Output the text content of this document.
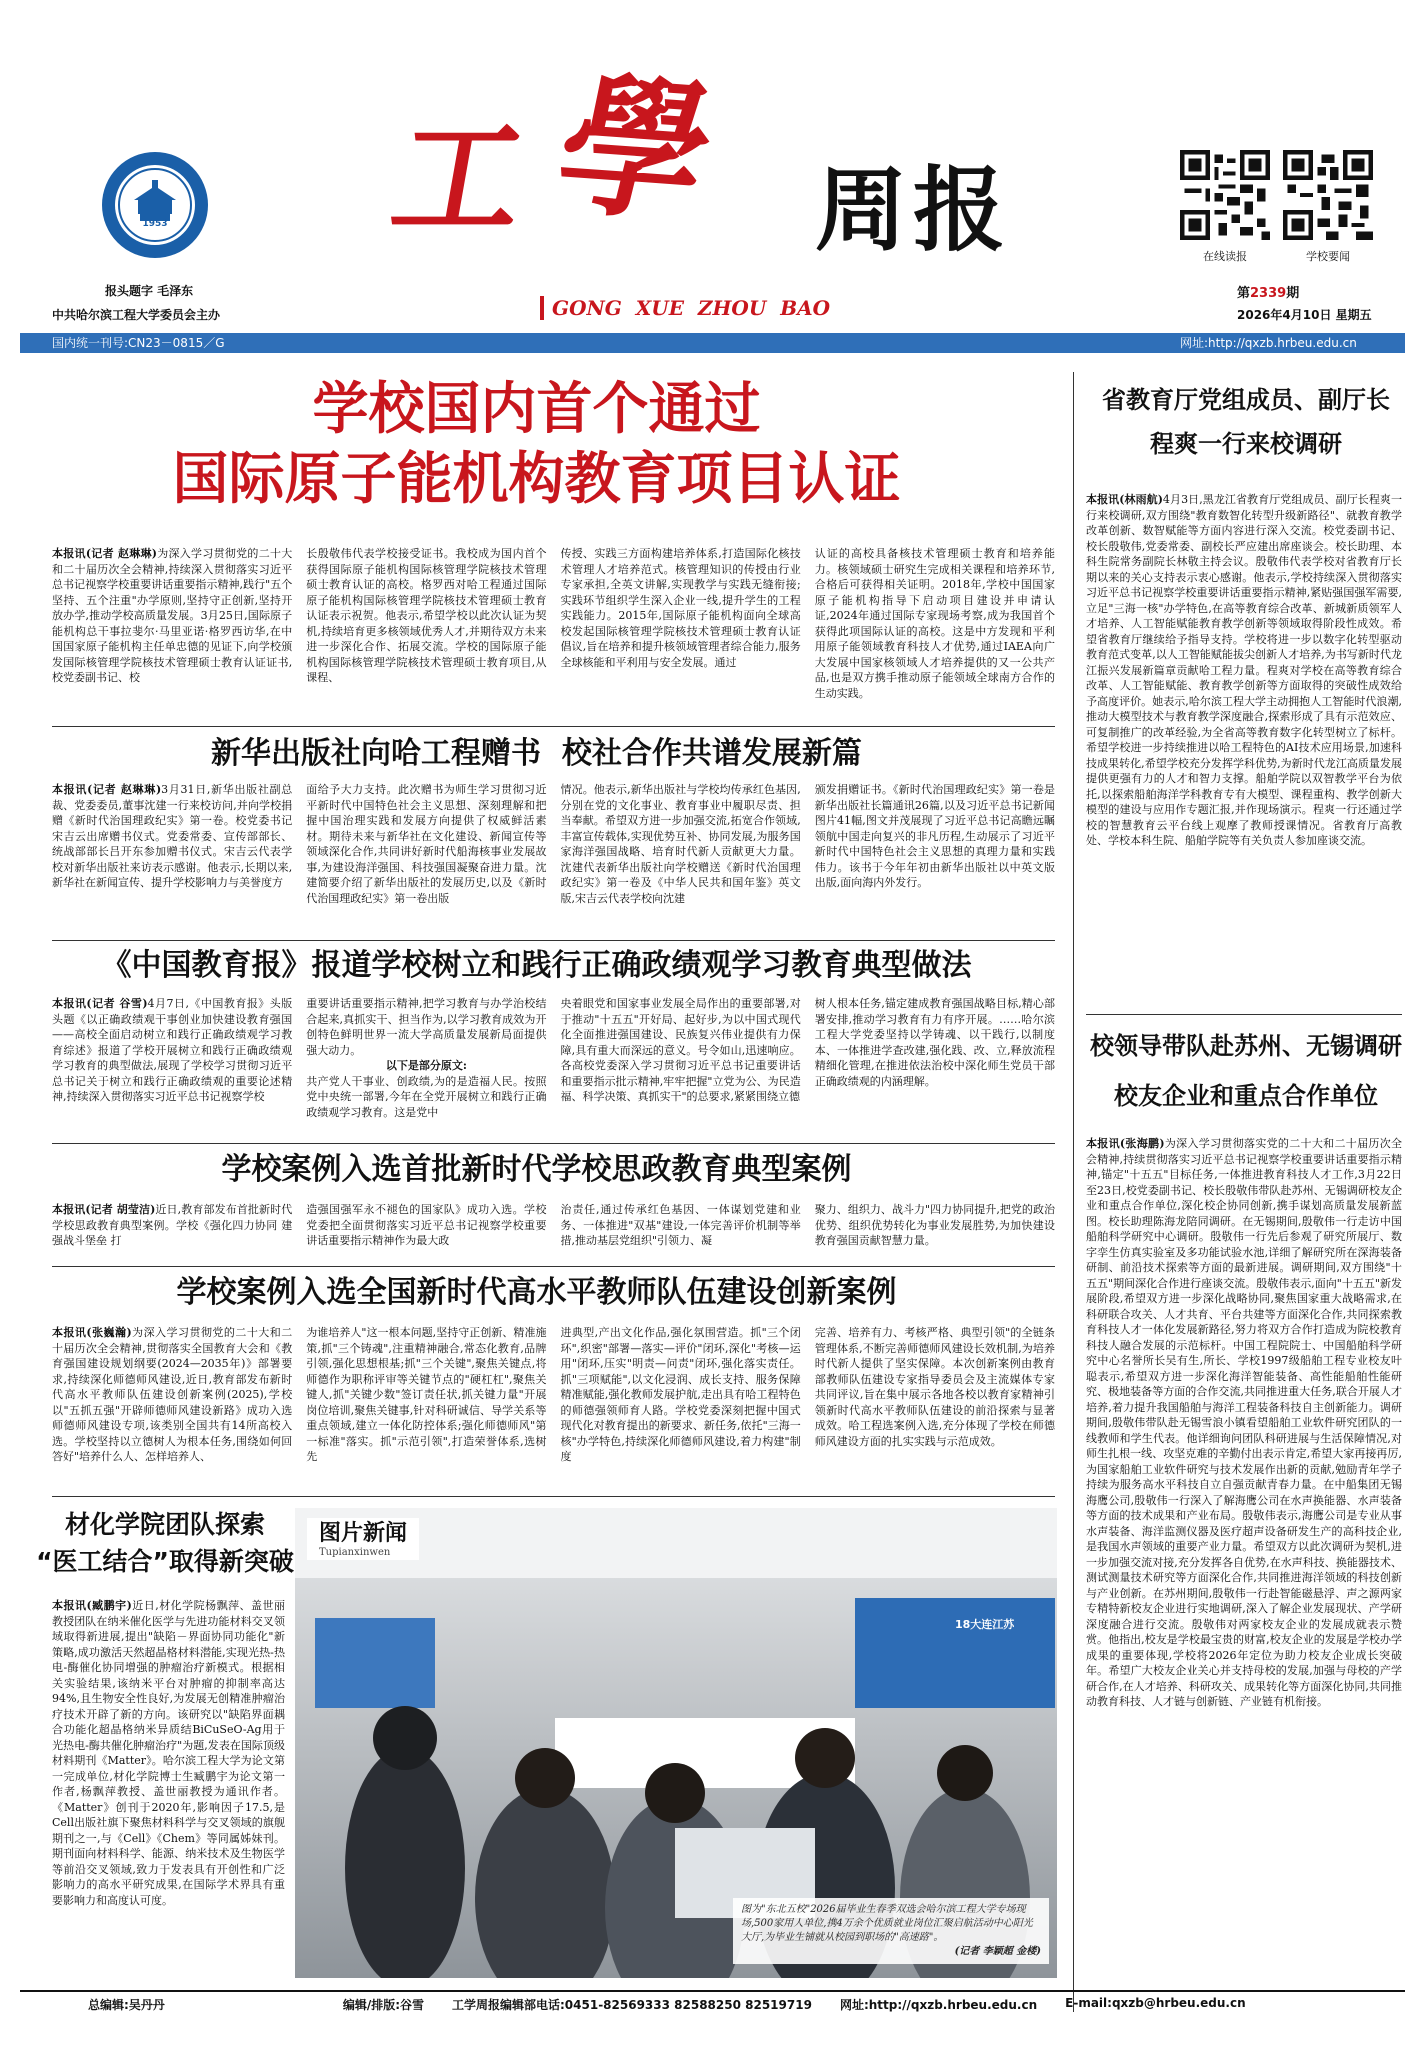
1953	工 學 周报	在线读报	学校要闻
报头题字 毛泽东
中共哈尔滨工程大学委员会主办	GONG  XUE  ZHOU  BAO
第2339期
2026年4月10日 星期五
国内统一刊号:CN23－0815／G	网址:http://qxzb.hrbeu.edu.cn
学校国内首个通过
国际原子能机构教育项目认证
本报讯(记者 赵琳琳)为深入学习贯彻党的二十大和二十届历次全会精神,持续深入贯彻落实习近平总书记视察学校重要讲话重要指示精神,践行"五个坚持、五个注重"办学原则,坚持守正创新,坚持开放办学,推动学校高质量发展。3月25日,国际原子能机构总干事拉斐尔·马里亚诺·格罗西访华,在中国国家原子能机构主任单忠德的见证下,向学校颁发国际核管理学院核技术管理硕士教育认证证书,校党委副书记、校
长殷敬伟代表学校接受证书。我校成为国内首个获得国际原子能机构国际核管理学院核技术管理硕士教育认证的高校。格罗西对哈工程通过国际原子能机构国际核管理学院核技术管理硕士教育认证表示祝贺。他表示,希望学校以此次认证为契机,持续培育更多核领域优秀人才,并期待双方未来进一步深化合作、拓展交流。学校的国际原子能机构国际核管理学院核技术管理硕士教育项目,从课程、
传授、实践三方面构建培养体系,打造国际化核技术管理人才培养范式。核管理知识的传授由行业专家承担,全英文讲解,实现教学与实践无缝衔接;实践环节组织学生深入企业一线,提升学生的工程实践能力。2015年,国际原子能机构面向全球高校发起国际核管理学院核技术管理硕士教育认证倡议,旨在培养和提升核领域管理者综合能力,服务全球核能和平利用与安全发展。通过
认证的高校具备核技术管理硕士教育和培养能力。核领域硕士研究生完成相关课程和培养环节,合格后可获得相关证明。2018年,学校中国国家原子能机构指导下启动项目建设并申请认证,2024年通过国际专家现场考察,成为我国首个获得此项国际认证的高校。这是中方发现和平利用原子能领域教育科技人才优势,通过IAEA向广大发展中国家核领域人才培养提供的又一公共产品,也是双方携手推动原子能领域全球南方合作的生动实践。
新华出版社向哈工程赠书  校社合作共谱发展新篇
本报讯(记者 赵琳琳)3月31日,新华出版社副总裁、党委委员,董事沈建一行来校访问,并向学校捐赠《新时代治国理政纪实》第一卷。校党委书记宋吉云出席赠书仪式。党委常委、宣传部部长、统战部部长吕开东参加赠书仪式。宋吉云代表学校对新华出版社来访表示感谢。他表示,长期以来,新华社在新闻宣传、提升学校影响力与美誉度方
面给予大力支持。此次赠书为师生学习贯彻习近平新时代中国特色社会主义思想、深刻理解和把握中国治理实践和发展方向提供了权威鲜活素材。期待未来与新华社在文化建设、新闻宣传等领域深化合作,共同讲好新时代船海核事业发展故事,为建设海洋强国、科技强国凝聚奋进力量。沈建简要介绍了新华出版社的发展历史,以及《新时代治国理政纪实》第一卷出版
情况。他表示,新华出版社与学校均传承红色基因,分别在党的文化事业、教育事业中履职尽责、担当奉献。希望双方进一步加强交流,拓宽合作领域,丰富宣传载体,实现优势互补、协同发展,为服务国家海洋强国战略、培育时代新人贡献更大力量。沈建代表新华出版社向学校赠送《新时代治国理政纪实》第一卷及《中华人民共和国年鉴》英文版,宋吉云代表学校向沈建
颁发捐赠证书。《新时代治国理政纪实》第一卷是新华出版社长篇通讯26篇,以及习近平总书记新闻图片41幅,图文并茂展现了习近平总书记高瞻远瞩领航中国走向复兴的非凡历程,生动展示了习近平新时代中国特色社会主义思想的真理力量和实践伟力。该书于今年年初由新华出版社以中英文版出版,面向海内外发行。
《中国教育报》报道学校树立和践行正确政绩观学习教育典型做法
本报讯(记者 谷雪)4月7日,《中国教育报》头版头题《以正确政绩观干事创业加快建设教育强国——高校全面启动树立和践行正确政绩观学习教育综述》报道了学校开展树立和践行正确政绩观学习教育的典型做法,展现了学校学习贯彻习近平总书记关于树立和践行正确政绩观的重要论述精神,持续深入贯彻落实习近平总书记视察学校
重要讲话重要指示精神,把学习教育与办学治校结合起来,真抓实干、担当作为,以学习教育成效为开创特色鲜明世界一流大学高质量发展新局面提供强大动力。
以下是部分原文:
共产党人干事业、创政绩,为的是造福人民。按照党中央统一部署,今年在全党开展树立和践行正确政绩观学习教育。这是党中
央着眼党和国家事业发展全局作出的重要部署,对于推动"十五五"开好局、起好步,为以中国式现代化全面推进强国建设、民族复兴伟业提供有力保障,具有重大而深远的意义。号令如山,迅速响应。各高校党委深入学习贯彻习近平总书记重要讲话和重要指示批示精神,牢牢把握"立党为公、为民造福、科学决策、真抓实干"的总要求,紧紧围绕立德
树人根本任务,锚定建成教育强国战略目标,精心部署安排,推动学习教育有力有序开展。……哈尔滨工程大学党委坚持以学铸魂、以干践行,以制度本、一体推进学查改建,强化践、改、立,释放流程精细化管理,在推进依法治校中深化师生党员干部正确政绩观的内涵理解。
学校案例入选首批新时代学校思政教育典型案例
本报讯(记者 胡莹洁)近日,教育部发布首批新时代学校思政教育典型案例。学校《强化四力协同 建强战斗堡垒 打
造强国强军永不褪色的国家队》成功入选。学校党委把全面贯彻落实习近平总书记视察学校重要讲话重要指示精神作为最大政
治责任,通过传承红色基因、一体谋划党建和业务、一体推进"双基"建设,一体完善评价机制等举措,推动基层党组织"引领力、凝
聚力、组织力、战斗力"四力协同提升,把党的政治优势、组织优势转化为事业发展胜势,为加快建设教育强国贡献智慧力量。
学校案例入选全国新时代高水平教师队伍建设创新案例
本报讯(张巍瀚)为深入学习贯彻党的二十大和二十届历次全会精神,贯彻落实全国教育大会和《教育强国建设规划纲要(2024—2035年)》部署要求,持续深化师德师风建设,近日,教育部发布新时代高水平教师队伍建设创新案例(2025),学校以"五抓五强"开辟师德师风建设新路》成功入选师德师风建设专项,该类别全国共有14所高校入选。学校坚持以立德树人为根本任务,围绕如何回答好"培养什么人、怎样培养人、
为谁培养人"这一根本问题,坚持守正创新、精准施策,抓"三个铸魂",注重精神融合,常态化教育,品牌引领,强化思想根基;抓"三个关键",聚焦关键点,将师德作为职称评审等关键节点的"硬杠杠",聚焦关键人,抓"关键少数"签订责任状,抓关键力量"开展岗位培训,聚焦关键事,针对科研诚信、导学关系等重点领域,建立一体化防控体系;强化师德师风"第一标准"落实。抓"示范引领",打造荣誉体系,选树先
进典型,产出文化作品,强化氛围营造。抓"三个闭环",织密"部署—落实—评价"闭环,深化"考核—运用"闭环,压实"明责—问责"闭环,强化落实责任。抓"三项赋能",以文化浸润、成长支持、服务保障精准赋能,强化教师发展护航,走出具有哈工程特色的师德强领师育人路。学校党委深刻把握中国式现代化对教育提出的新要求、新任务,依托"三海一核"办学特色,持续深化师德师风建设,着力构建"制度
完善、培养有力、考核严格、典型引领"的全链条管理体系,不断完善师德师风建设长效机制,为培养时代新人提供了坚实保障。本次创新案例由教育部教师队伍建设专家指导委员会及主流媒体专家共同评议,旨在集中展示各地各校以教育家精神引领新时代高水平教师队伍建设的前沿探索与显著成效。哈工程选案例入选,充分体现了学校在师德师风建设方面的扎实实践与示范成效。
材化学院团队探索
“医工结合”取得新突破
本报讯(臧鹏宇)近日,材化学院杨飘萍、盖世丽教授团队在纳米催化医学与先进功能材料交叉领域取得新进展,提出"缺陷－界面协同功能化"新策略,成功激活天然超晶格材料潜能,实现光热-热电-酶催化协同增强的肿瘤治疗新模式。根据相关实验结果,该纳米平台对肿瘤的抑制率高达94%,且生物安全性良好,为发展无创精准肿瘤治疗技术开辟了新的方向。该研究以"缺陷界面耦合功能化超晶格纳米异质结BiCuSeO-Ag用于光热电-酶共催化肿瘤治疗"为题,发表在国际顶级材料期刊《Matter》。哈尔滨工程大学为论文第一完成单位,材化学院博士生臧鹏宇为论文第一作者,杨飘萍教授、盖世丽教授为通讯作者。《Matter》创刊于2020年,影响因子17.5,是Cell出版社旗下聚焦材料科学与交叉领域的旗舰期刊之一,与《Cell》《Chem》等同属姊妹刊。期刊面向材料科学、能源、纳米技术及生物医学等前沿交叉领域,致力于发表具有开创性和广泛影响力的高水平研究成果,在国际学术界具有重要影响力和高度认可度。
图片新闻
Tupianxinwen
18大连江苏
图为"东北五校"2026届毕业生春季双选会哈尔滨工程大学专场现场,500家用人单位,携4万余个优质就业岗位汇聚启航活动中心阳光大厅,为毕业生铺就从校园到职场的"高速路"。
(记者 李颖超 金楼)
省教育厅党组成员、副厅长
程爽一行来校调研
本报讯(林雨航)4月3日,黑龙江省教育厅党组成员、副厅长程爽一行来校调研,双方围绕"教育数智化转型升级新路径"、就教育教学改革创新、数智赋能等方面内容进行深入交流。校党委副书记、校长殷敬伟,党委常委、副校长严应建出席座谈会。校长助理、本科生院常务副院长林敬主持会议。殷敬伟代表学校对省教育厅长期以来的关心支持表示衷心感谢。他表示,学校持续深入贯彻落实习近平总书记视察学校重要讲话重要指示精神,紧贴强国强军需要,立足"三海一核"办学特色,在高等教育综合改革、新城新质领军人才培养、人工智能赋能教育教学创新等领域取得阶段性成效。希望省教育厅继续给予指导支持。学校将进一步以数字化转型驱动教育范式变革,以人工智能赋能拔尖创新人才培养,为书写新时代龙江振兴发展新篇章贡献哈工程力量。程爽对学校在高等教育综合改革、人工智能赋能、教育教学创新等方面取得的突破性成效给予高度评价。她表示,哈尔滨工程大学主动拥抱人工智能时代浪潮,推动大模型技术与教育教学深度融合,探索形成了具有示范效应、可复制推广的改革经验,为全省高等教育数字化转型树立了标杆。希望学校进一步持续推进以哈工程特色的AI技术应用场景,加速科技成果转化,希望学校充分发挥学科优势,为新时代龙江高质量发展提供更强有力的人才和智力支撑。船舶学院以双智教学平台为依托,以探索船舶海洋学科教育专有大模型、课程重构、教学创新大模型的建设与应用作专题汇报,并作现场演示。程爽一行还通过学校的智慧教育云平台线上观摩了教师授课情况。省教育厅高教处、学校本科生院、船舶学院等有关负责人参加座谈交流。
校领导带队赴苏州、无锡调研
校友企业和重点合作单位
本报讯(张海鹏)为深入学习贯彻落实党的二十大和二十届历次全会精神,持续贯彻落实习近平总书记视察学校重要讲话重要指示精神,锚定"十五五"目标任务,一体推进教育科技人才工作,3月22日至23日,校党委副书记、校长殷敬伟带队赴苏州、无锡调研校友企业和重点合作单位,深化校企协同创新,携手谋划高质量发展新蓝图。校长助理陈海龙陪同调研。在无锡期间,殷敬伟一行走访中国船舶科学研究中心调研。殷敬伟一行先后参观了研究所展厅、数字孪生仿真实验室及多功能试验水池,详细了解研究所在深海装备研制、前沿技术探索等方面的最新进展。调研期间,双方围绕"十五五"期间深化合作进行座谈交流。殷敬伟表示,面向"十五五"新发展阶段,希望双方进一步深化战略协同,聚焦国家重大战略需求,在科研联合攻关、人才共育、平台共建等方面深化合作,共同探索教育科技人才一体化发展新路径,努力将双方合作打造成为院校教育科技人融合发展的示范标杆。中国工程院院士、中国船舶科学研究中心名誉所长吴有生,所长、学校1997级船舶工程专业校友叶聪表示,希望双方进一步深化海洋智能装备、高性能船舶性能研究、极地装备等方面的合作交流,共同推进重大任务,联合开展人才培养,着力提升我国船舶与海洋工程装备科技自主创新能力。调研期间,殷敬伟带队赴无锡雪浪小镇看望船舶工业软件研究团队的一线教师和学生代表。他详细询问团队科研进展与生活保障情况,对师生扎根一线、攻坚克难的辛勤付出表示肯定,希望大家再接再厉,为国家船舶工业软件研究与技术发展作出新的贡献,勉励青年学子持续为服务高水平科技自立自强贡献青春力量。在中船集团无锡海鹰公司,殷敬伟一行深入了解海鹰公司在水声换能器、水声装备等方面的技术成果和产业布局。殷敬伟表示,海鹰公司是专业从事水声装备、海洋监测仪器及医疗超声设备研发生产的高科技企业,是我国水声领域的重要产业力量。希望双方以此次调研为契机,进一步加强交流对接,充分发挥各自优势,在水声科技、换能器技术、测试测量技术研究等方面深化合作,共同推进海洋领域的科技创新与产业创新。在苏州期间,殷敬伟一行赴智能磁悬浮、声之源两家专精特新校友企业进行实地调研,深入了解企业发展现状、产学研深度融合进行交流。殷敬伟对两家校友企业的发展成就表示赞赏。他指出,校友是学校最宝贵的财富,校友企业的发展是学校办学成果的重要体现,学校将2026年定位为助力校友企业成长突破年。希望广大校友企业关心并支持母校的发展,加强与母校的产学研合作,在人才培养、科研攻关、成果转化等方面深化协同,共同推动教育科技、人才链与创新链、产业链有机衔接。
总编辑:吴丹丹	编辑/排版:谷雪 工学周报编辑部电话:0451-82569333 82588250 82519719 网址:http://qxzb.hrbeu.edu.cn E-mail:qxzb@hrbeu.edu.cn
